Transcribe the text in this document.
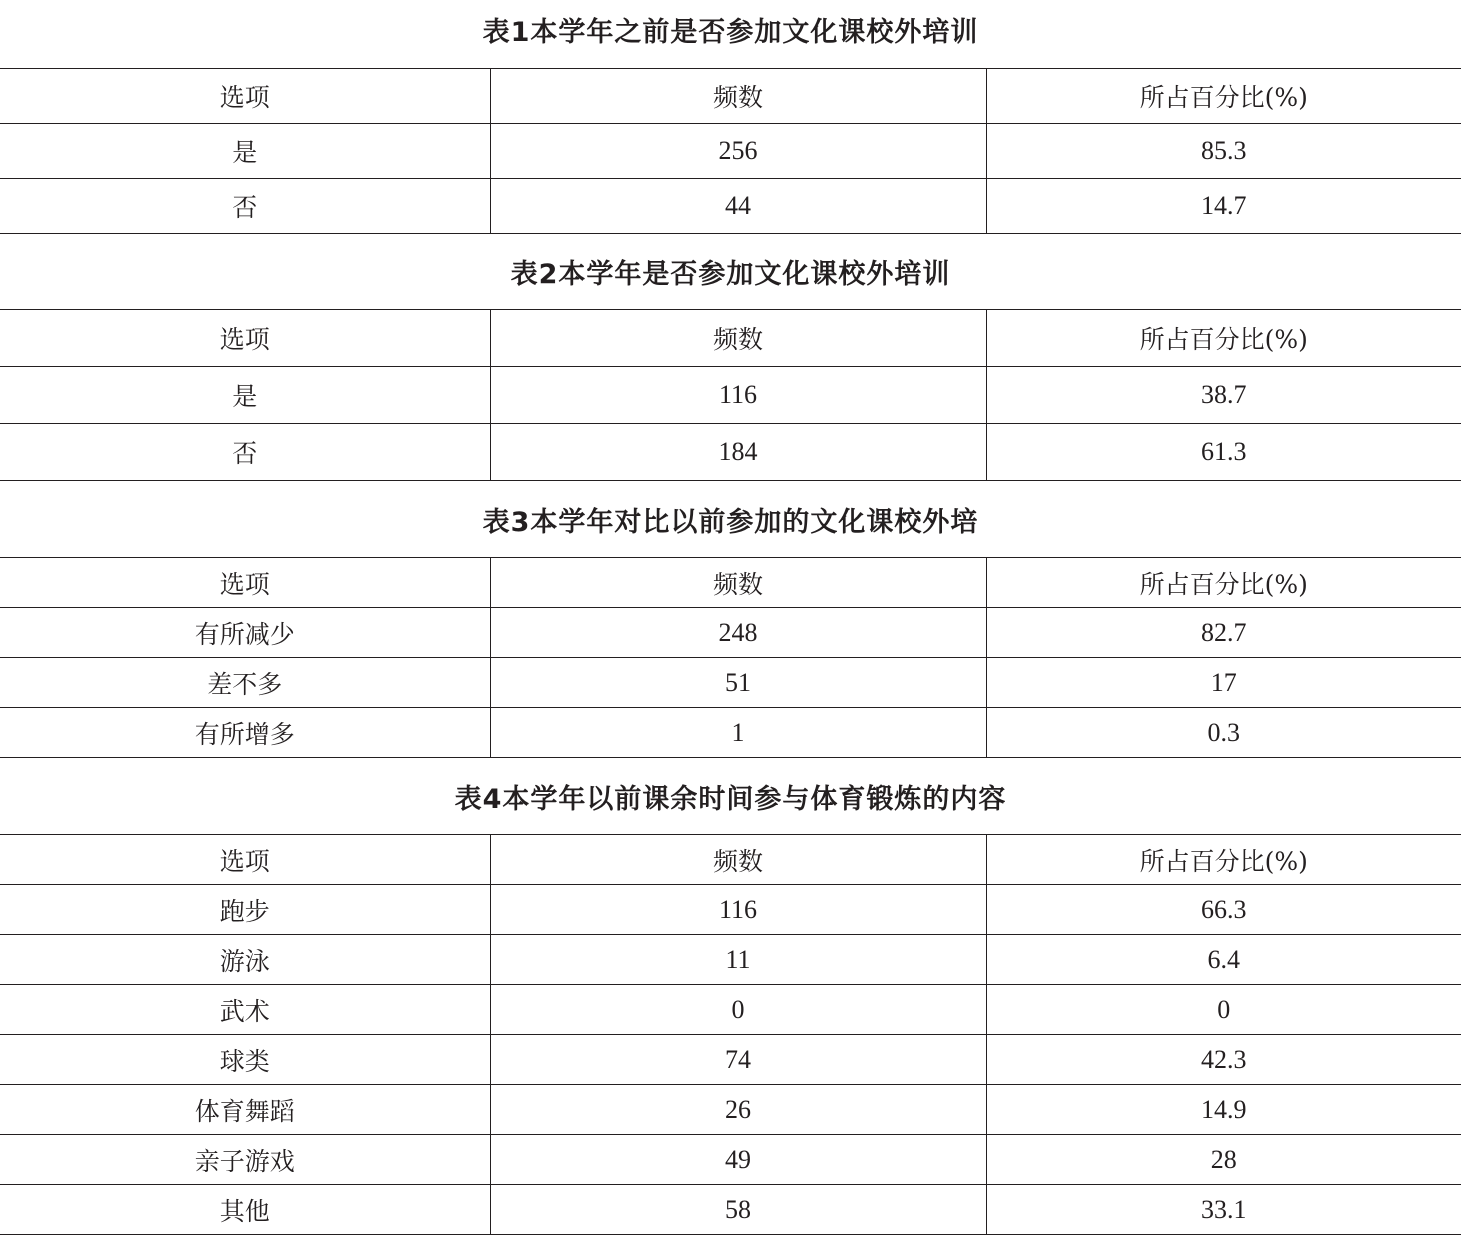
表1本学年之前是否参加文化课校外培训
选项	频数	所占百分比(%)
是	256	85.3
否	44	14.7
表2本学年是否参加文化课校外培训
选项	频数	所占百分比(%)
是	116	38.7
否	184	61.3
表3本学年对比以前参加的文化课校外培
选项	频数	所占百分比(%)
有所减少	248	82.7
差不多	51	17
有所增多	1	0.3
表4本学年以前课余时间参与体育锻炼的内容
选项	频数	所占百分比(%)
跑步	116	66.3
游泳	11	6.4
武术	0	0
球类	74	42.3
体育舞蹈	26	14.9
亲子游戏	49	28
其他	58	33.1
